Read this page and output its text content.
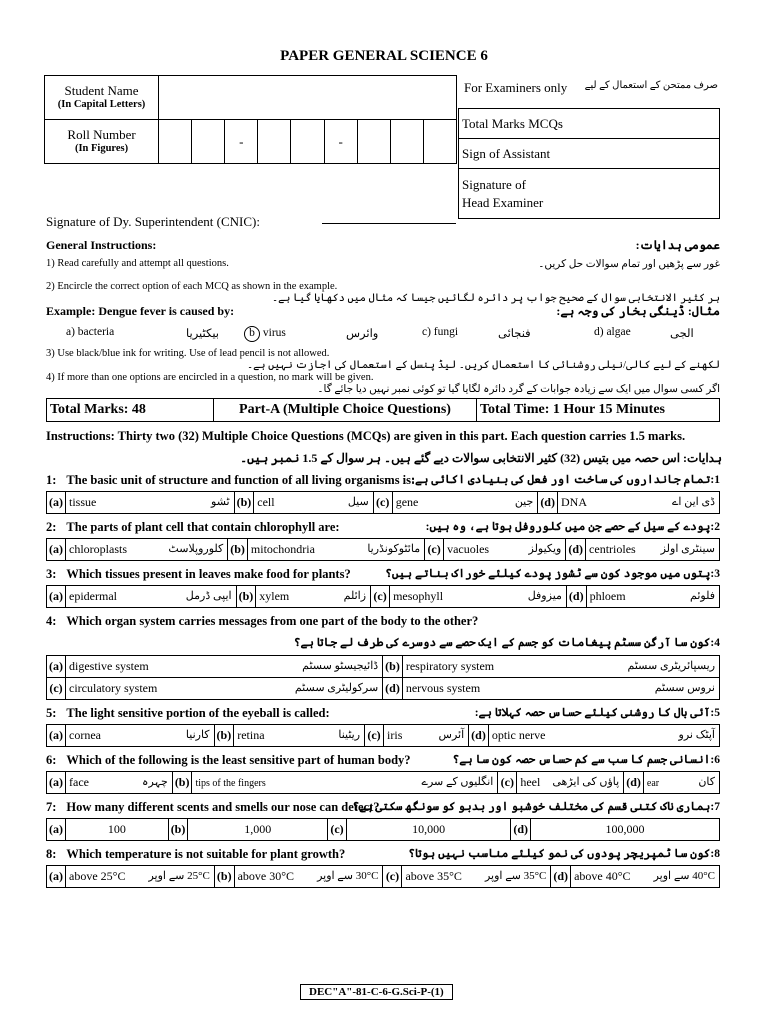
PAPER GENERAL SCIENCE 6
Student Name
(In Capital Letters)									

Roll Number
(In Figures)			-			-			
For Examiners only صرف ممتحن کے استعمال کے لیے
Total Marks MCQs
Sign of Assistant

Signature of
Head Examiner
Signature of Dy. Superintendent (CNIC):
General Instructions:	عمومی ہدایات:
1) Read carefully and attempt all questions.	غور سے پڑھیں اور تمام سوالات حل کریں۔
2) Encircle the correct option of each MCQ as shown in the example.
ہر کثیر الانتخابی سوال کے صحیح جواب پر دائرہ لگائیں جیسا کہ مثال میں دکھایا گیا ہے۔
Example: Dengue fever is caused by:	مثال: ڈینگی بخار کی وجہ ہے:
a) bacteria	بیکٹیریا	b virus	وائرس	c) fungi	فنجائی	d) algae	الجی
3) Use black/blue ink for writing. Use of lead pencil is not allowed.
لکھنے کے لیے کالی/نیلی روشنائی کا استعمال کریں۔ لیڈ پنسل کے استعمال کی اجازت نہیں ہے۔
4) If more than one options are encircled in a question, no mark will be given.
اگر کسی سوال میں ایک سے زیادہ جوابات کے گرد دائرہ لگایا گیا تو کوئی نمبر نہیں دیا جائے گا۔
Total Marks: 48	Part-A (Multiple Choice Questions)	Total Time: 1 Hour 15 Minutes
Instructions: Thirty two (32) Multiple Choice Questions (MCQs) are given in this part. Each question carries 1.5 marks.
ہدایات: اس حصہ میں بتیس (32) کثیر الانتخابی سوالات دیے گئے ہیں۔ ہر سوال کے 1.5 نمبر ہیں۔
1: The basic unit of structure and function of all living organisms is:	1:تمام جانداروں کی ساخت اور فعل کی بنیادی اکائی ہے:
(a)	tissue	ٹشو	(b)	cell	سیل	(c)	gene	جین	(d)	DNA	ڈی این اے
2: The parts of plant cell that contain chlorophyll are:	2:پودے کے سیل کے حصے جن میں کلوروفل ہوتا ہے، وہ ہیں:
(a)	chloroplasts	کلوروپلاسٹ	(b)	mitochondria	مائٹوکونڈریا	(c)	vacuoles	ویکیولز	(d)	centrioles سینٹری اولز
3: Which tissues present in leaves make food for plants?	3:پتوں میں موجود کون سے ٹشوز پودے کیلئے خوراک بناتے ہیں؟
(a)	epidermal	ایپی ڈرمل	(b)	xylem	زائلم	(c)	mesophyll	میزوفل	(d)	phloem	فلوئم
4: Which organ system carries messages from one part of the body to the other?
4:کون سا آرگن سسٹم پیغامات کو جسم کے ایک حصے سے دوسرے کی طرف لے جاتا ہے؟
(a)	digestive system ڈائیجیسٹو سسٹم	(b)	respiratory system ریسپائریٹری سسٹم

(c)	circulatory system سرکولیٹری سسٹم	(d)	nervous system نروس سسٹم
5: The light sensitive portion of the eyeball is called:	5:آئی بال کا روشنی کیلئے حساس حصہ کہلاتا ہے:
(a)	cornea	کارنیا	(b)	retina	ریٹینا	(c)	iris	آئرس	(d)	optic nerve	آپٹک نرو
6: Which of the following is the least sensitive part of human body?	6:انسانی جسم کا سب سے کم حساس حصہ کون سا ہے؟
(a)	face	چہرہ	(b)	tips of the fingers	انگلیوں کے سرے	(c)	heel پاؤں کی ایڑھی	(d)	ear	کان
7: How many different scents and smells our nose can detect?	7:ہماری ناک کتنی قسم کی مختلف خوشبو اور بدبو کو سونگھ سکتی ہے؟
(a)	100	(b)	1,000	(c)	10,000	(d)	100,000
8: Which temperature is not suitable for plant growth?	8:کون سا ٹمپریچر پودوں کی نمو کیلئے مناسب نہیں ہوتا؟
(a)	above 25°C 25°C سے اوپر	(b)	above 30°C 30°C سے اوپر	(c)	above 35°C 35°C سے اوپر	(d)	above 40°C 40°C سے اوپر
DEC"A"-81-C-6-G.Sci-P-(1)
